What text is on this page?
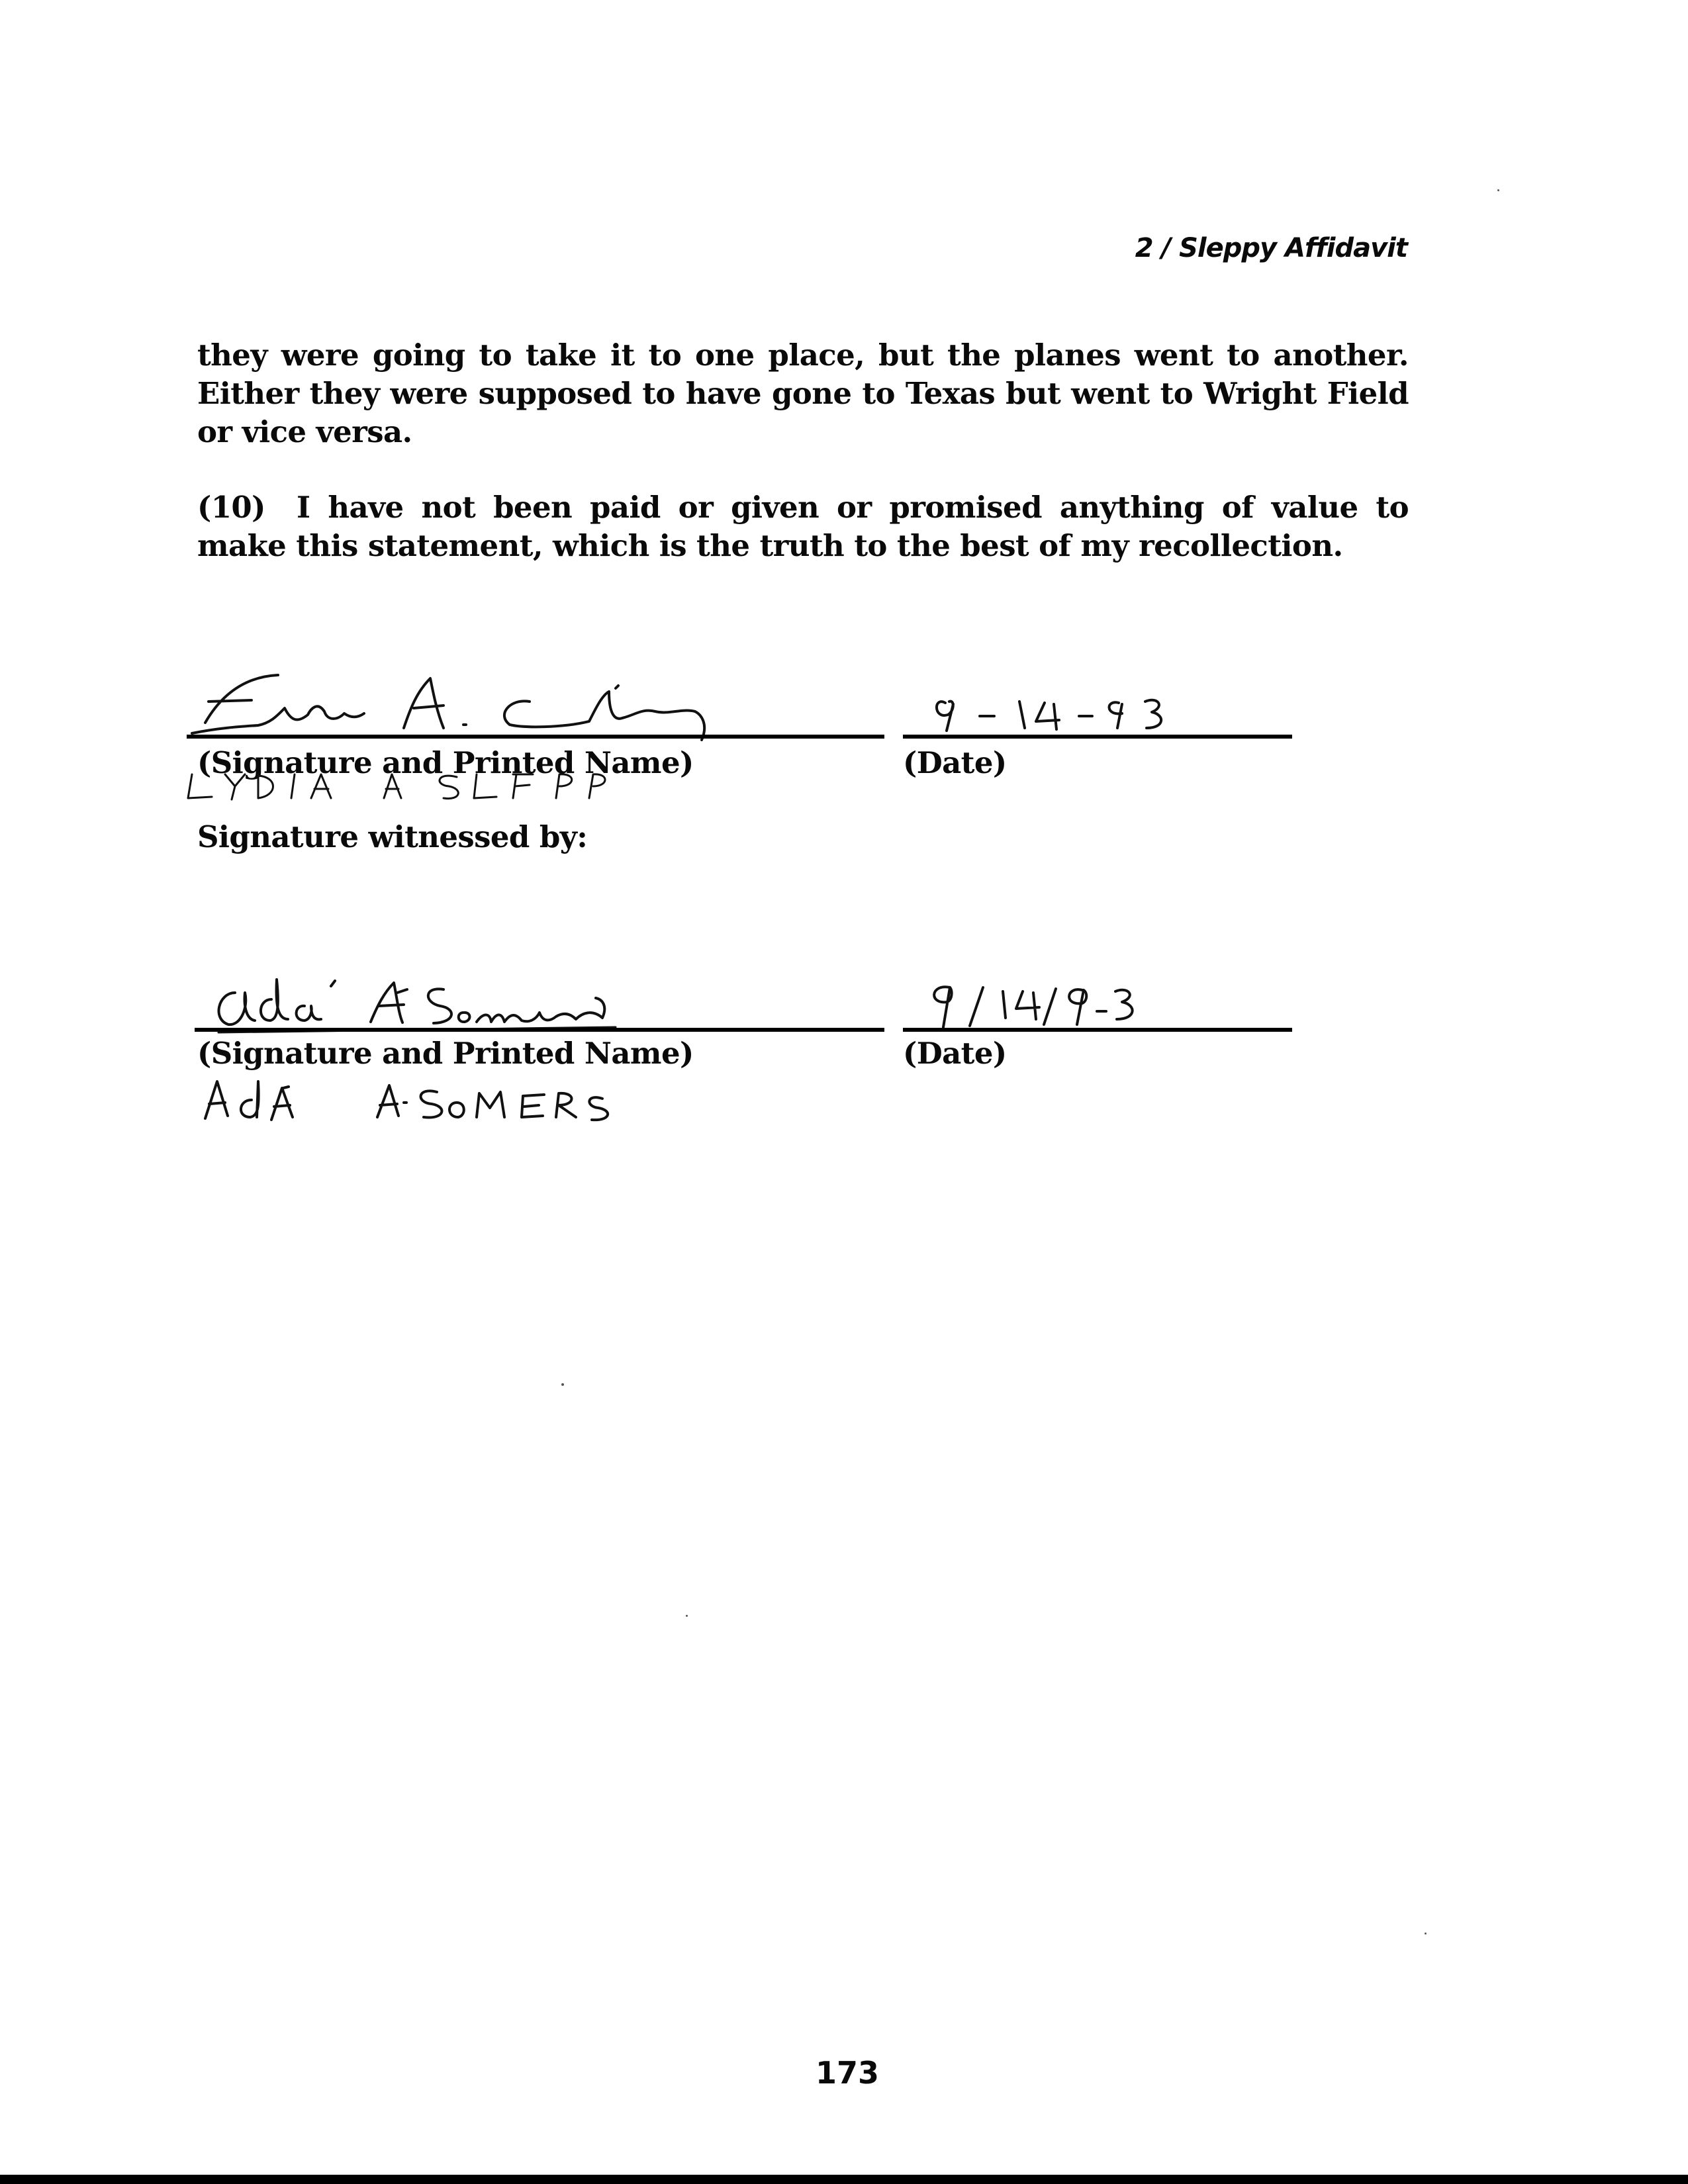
2 / Sleppy Affidavit
they were going to take it to one place, but the planes went to another. Either they were supposed to have gone to Texas but went to Wright Field or vice versa.
(10) I have not been paid or given or promised anything of value to make this statement, which is the truth to the best of my recollection.
(Signature and Printed Name)	(Date)
Signature witnessed by:
(Signature and Printed Name)	(Date)
173
